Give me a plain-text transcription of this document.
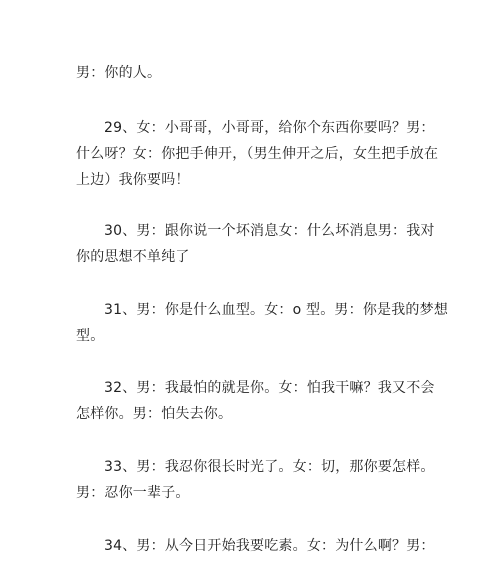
男：你的人。

29、女：小哥哥，小哥哥，给你个东西你要吗？男：
什么呀？女：你把手伸开，（男生伸开之后，女生把手放在
上边）我你要吗！

30、男：跟你说一个坏消息女：什么坏消息男：我对
你的思想不单纯了

31、男：你是什么血型。女：o 型。男：你是我的梦想
型。

32、男：我最怕的就是你。女：怕我干嘛？我又不会
怎样你。男：怕失去你。

33、男：我忍你很长时光了。女：切，那你要怎样。
男：忍你一辈子。

34、男：从今日开始我要吃素。女：为什么啊？男：
